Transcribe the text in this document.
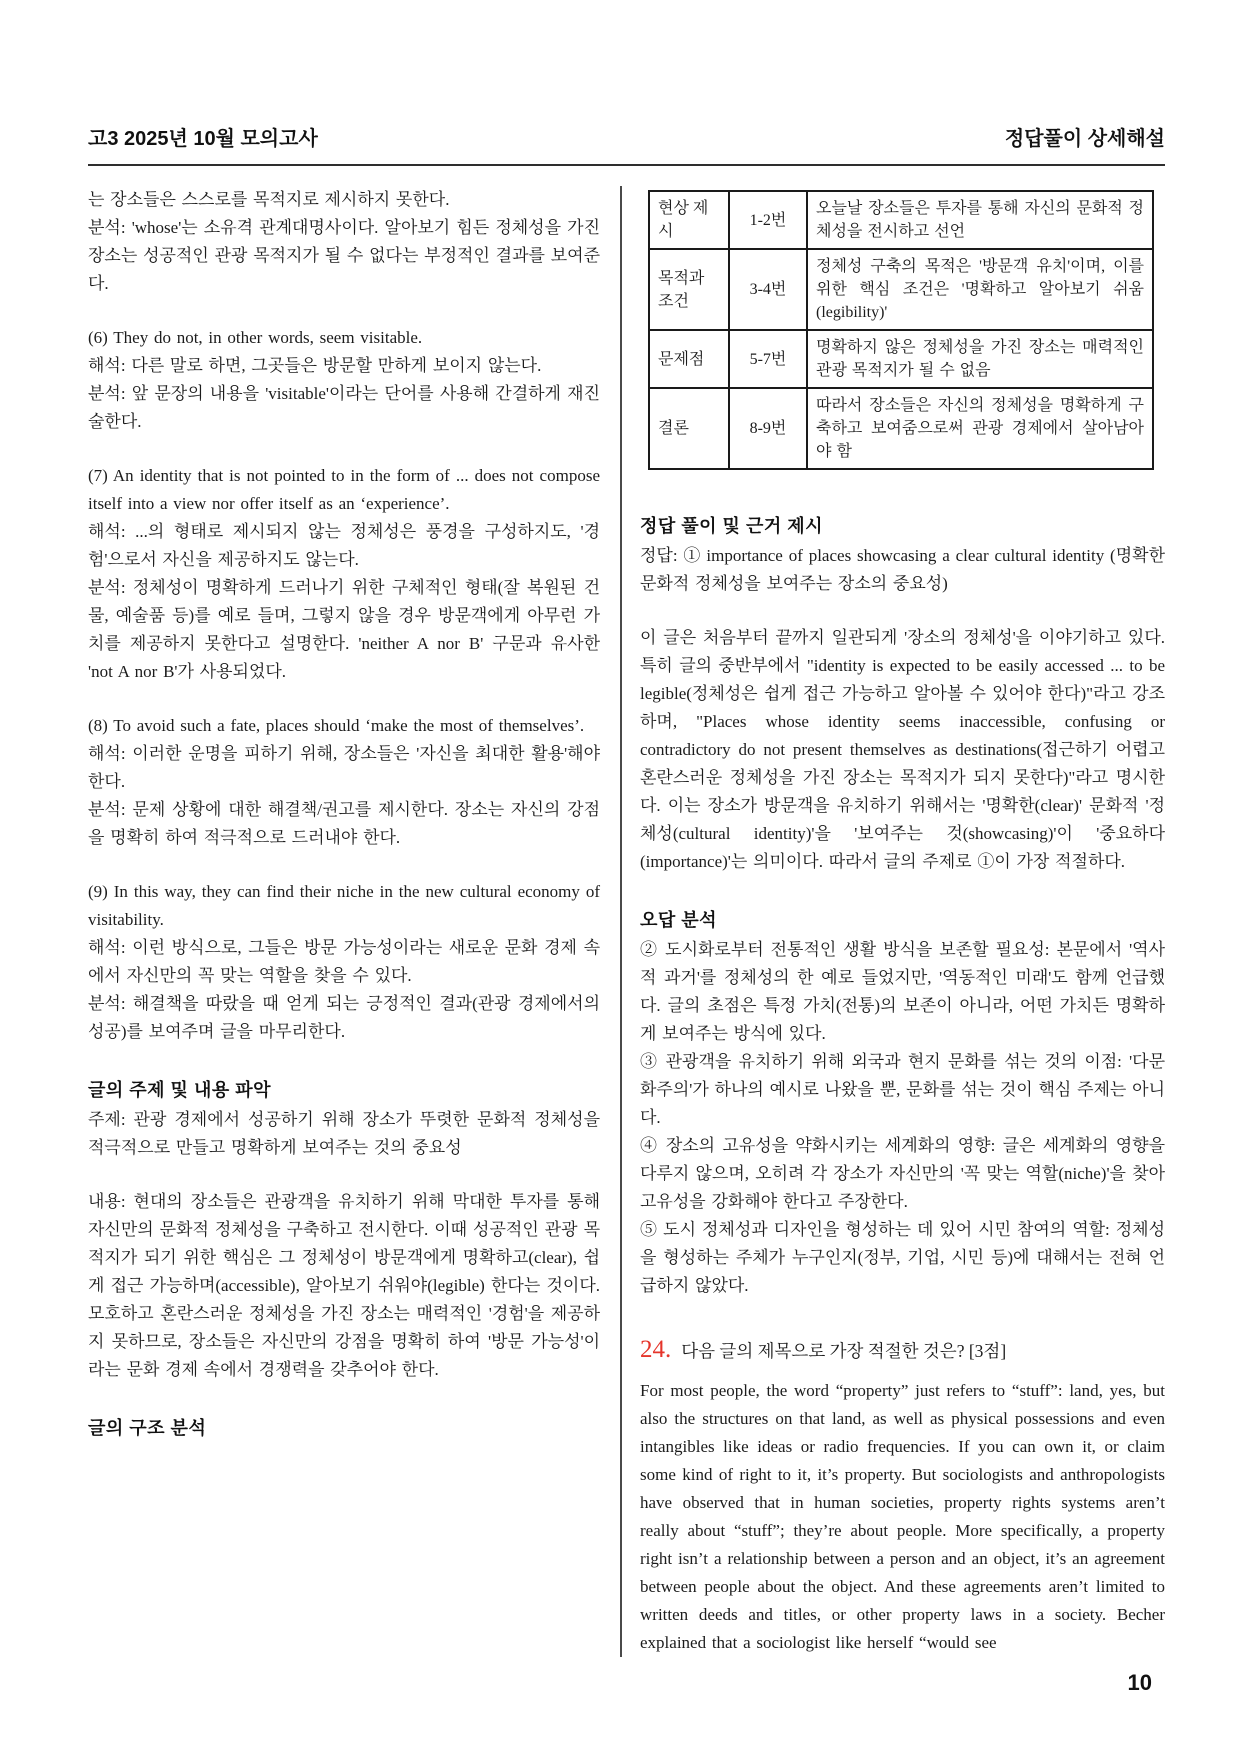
고3 2025년 10월 모의고사	정답풀이 상세해설

는 장소들은 스스로를 목적지로 제시하지 못한다.

분석: 'whose'는 소유격 관계대명사이다. 알아보기 힘든 정체성을 가진 장소는 성공적인 관광 목적지가 될 수 없다는 부정적인 결과를 보여준다.

(6) They do not, in other words, seem visitable.

해석: 다른 말로 하면, 그곳들은 방문할 만하게 보이지 않는다.

분석: 앞 문장의 내용을 'visitable'이라는 단어를 사용해 간결하게 재진술한다.

(7) An identity that is not pointed to in the form of ... does not compose itself into a view nor offer itself as an ‘experience’.

해석: ...의 형태로 제시되지 않는 정체성은 풍경을 구성하지도, '경험'으로서 자신을 제공하지도 않는다.

분석: 정체성이 명확하게 드러나기 위한 구체적인 형태(잘 복원된 건물, 예술품 등)를 예로 들며, 그렇지 않을 경우 방문객에게 아무런 가치를 제공하지 못한다고 설명한다. 'neither A nor B' 구문과 유사한 'not A nor B'가 사용되었다.

(8) To avoid such a fate, places should ‘make the most of themselves’.

해석: 이러한 운명을 피하기 위해, 장소들은 '자신을 최대한 활용'해야 한다.

분석: 문제 상황에 대한 해결책/권고를 제시한다. 장소는 자신의 강점을 명확히 하여 적극적으로 드러내야 한다.

(9) In this way, they can find their niche in the new cultural economy of visitability.

해석: 이런 방식으로, 그들은 방문 가능성이라는 새로운 문화 경제 속에서 자신만의 꼭 맞는 역할을 찾을 수 있다.

분석: 해결책을 따랐을 때 얻게 되는 긍정적인 결과(관광 경제에서의 성공)를 보여주며 글을 마무리한다.

글의 주제 및 내용 파악

주제: 관광 경제에서 성공하기 위해 장소가 뚜렷한 문화적 정체성을 적극적으로 만들고 명확하게 보여주는 것의 중요성

내용: 현대의 장소들은 관광객을 유치하기 위해 막대한 투자를 통해 자신만의 문화적 정체성을 구축하고 전시한다. 이때 성공적인 관광 목적지가 되기 위한 핵심은 그 정체성이 방문객에게 명확하고(clear), 쉽게 접근 가능하며(accessible), 알아보기 쉬워야(legible) 한다는 것이다. 모호하고 혼란스러운 정체성을 가진 장소는 매력적인 '경험'을 제공하지 못하므로, 장소들은 자신만의 강점을 명확히 하여 '방문 가능성'이라는 문화 경제 속에서 경쟁력을 갖추어야 한다.

글의 구조 분석
현상 제시	1-2번	오늘날 장소들은 투자를 통해 자신의 문화적 정체성을 전시하고 선언
목적과 조건	3-4번	정체성 구축의 목적은 '방문객 유치'이며, 이를 위한 핵심 조건은 '명확하고 알아보기 쉬움(legibility)'
문제점	5-7번	명확하지 않은 정체성을 가진 장소는 매력적인 관광 목적지가 될 수 없음
결론	8-9번	따라서 장소들은 자신의 정체성을 명확하게 구축하고 보여줌으로써 관광 경제에서 살아남아야 함
정답 풀이 및 근거 제시

정답: ① importance of places showcasing a clear cultural identity (명확한 문화적 정체성을 보여주는 장소의 중요성)

이 글은 처음부터 끝까지 일관되게 '장소의 정체성'을 이야기하고 있다. 특히 글의 중반부에서 "identity is expected to be easily accessed ... to be legible(정체성은 쉽게 접근 가능하고 알아볼 수 있어야 한다)"라고 강조하며, "Places whose identity seems inaccessible, confusing or contradictory do not present themselves as destinations(접근하기 어렵고 혼란스러운 정체성을 가진 장소는 목적지가 되지 못한다)"라고 명시한다. 이는 장소가 방문객을 유치하기 위해서는 '명확한(clear)' 문화적 '정체성(cultural identity)'을 '보여주는 것(showcasing)'이 '중요하다(importance)'는 의미이다. 따라서 글의 주제로 ①이 가장 적절하다.

오답 분석

② 도시화로부터 전통적인 생활 방식을 보존할 필요성: 본문에서 '역사적 과거'를 정체성의 한 예로 들었지만, '역동적인 미래'도 함께 언급했다. 글의 초점은 특정 가치(전통)의 보존이 아니라, 어떤 가치든 명확하게 보여주는 방식에 있다.

③ 관광객을 유치하기 위해 외국과 현지 문화를 섞는 것의 이점: '다문화주의'가 하나의 예시로 나왔을 뿐, 문화를 섞는 것이 핵심 주제는 아니다.

④ 장소의 고유성을 약화시키는 세계화의 영향: 글은 세계화의 영향을 다루지 않으며, 오히려 각 장소가 자신만의 '꼭 맞는 역할(niche)'을 찾아 고유성을 강화해야 한다고 주장한다.

⑤ 도시 정체성과 디자인을 형성하는 데 있어 시민 참여의 역할: 정체성을 형성하는 주체가 누구인지(정부, 기업, 시민 등)에 대해서는 전혀 언급하지 않았다.

24. 다음 글의 제목으로 가장 적절한 것은? [3점]

For most people, the word “property” just refers to “stuff”: land, yes, but also the structures on that land, as well as physical possessions and even intangibles like ideas or radio frequencies. If you can own it, or claim some kind of right to it, it’s property. But sociologists and anthropologists have observed that in human societies, property rights systems aren’t really about “stuff”; they’re about people. More specifically, a property right isn’t a relationship between a person and an object, it’s an agreement between people about the object. And these agreements aren’t limited to written deeds and titles, or other property laws in a society. Becher explained that a sociologist like herself “would see

10
